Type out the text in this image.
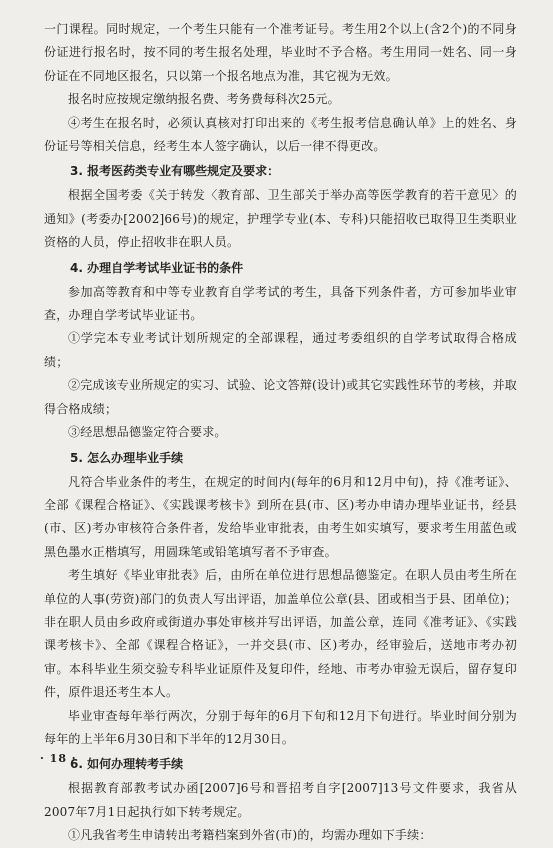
一门课程。同时规定，一个考生只能有一个准考证号。考生用2个以上(含2个)的不同身份证进行报名时，按不同的考生报名处理，毕业时不予合格。考生用同一姓名、同一身份证在不同地区报名，只以第一个报名地点为准，其它视为无效。

报名时应按规定缴纳报名费、考务费每科次25元。

④考生在报名时，必须认真核对打印出来的《考生报考信息确认单》上的姓名、身份证号等相关信息，经考生本人签字确认，以后一律不得更改。

3. 报考医药类专业有哪些规定及要求：

根据全国考委《关于转发〈教育部、卫生部关于举办高等医学教育的若干意见〉的通知》(考委办[2002]66号)的规定，护理学专业(本、专科)只能招收已取得卫生类职业资格的人员，停止招收非在职人员。

4. 办理自学考试毕业证书的条件

参加高等教育和中等专业教育自学考试的考生，具备下列条件者，方可参加毕业审查，办理自学考试毕业证书。

①学完本专业考试计划所规定的全部课程，通过考委组织的自学考试取得合格成绩；

②完成该专业所规定的实习、试验、论文答辩(设计)或其它实践性环节的考核，并取得合格成绩；

③经思想品德鉴定符合要求。

5. 怎么办理毕业手续

凡符合毕业条件的考生，在规定的时间内(每年的6月和12月中旬)，持《准考证》、全部《课程合格证》、《实践课考核卡》到所在县(市、区)考办申请办理毕业证书，经县(市、区)考办审核符合条件者，发给毕业审批表，由考生如实填写，要求考生用蓝色或黑色墨水正楷填写，用圆珠笔或铅笔填写者不予审查。

考生填好《毕业审批表》后，由所在单位进行思想品德鉴定。在职人员由考生所在单位的人事(劳资)部门的负责人写出评语，加盖单位公章(县、团或相当于县、团单位)；非在职人员由乡政府或街道办事处审核并写出评语，加盖公章，连同《准考证》、《实践课考核卡》、全部《课程合格证》，一并交县(市、区)考办，经审验后，送地市考办初审。本科毕业生须交验专科毕业证原件及复印件，经地、市考办审验无误后，留存复印件，原件退还考生本人。

毕业审查每年举行两次，分别于每年的6月下旬和12月下旬进行。毕业时间分别为每年的上半年6月30日和下半年的12月30日。

6. 如何办理转考手续

根据教育部教考试办函[2007]6号和晋招考自字[2007]13号文件要求，我省从2007年7月1日起执行如下转考规定。

①凡我省考生申请转出考籍档案到外省(市)的，均需办理如下手续：

· 18 ·
